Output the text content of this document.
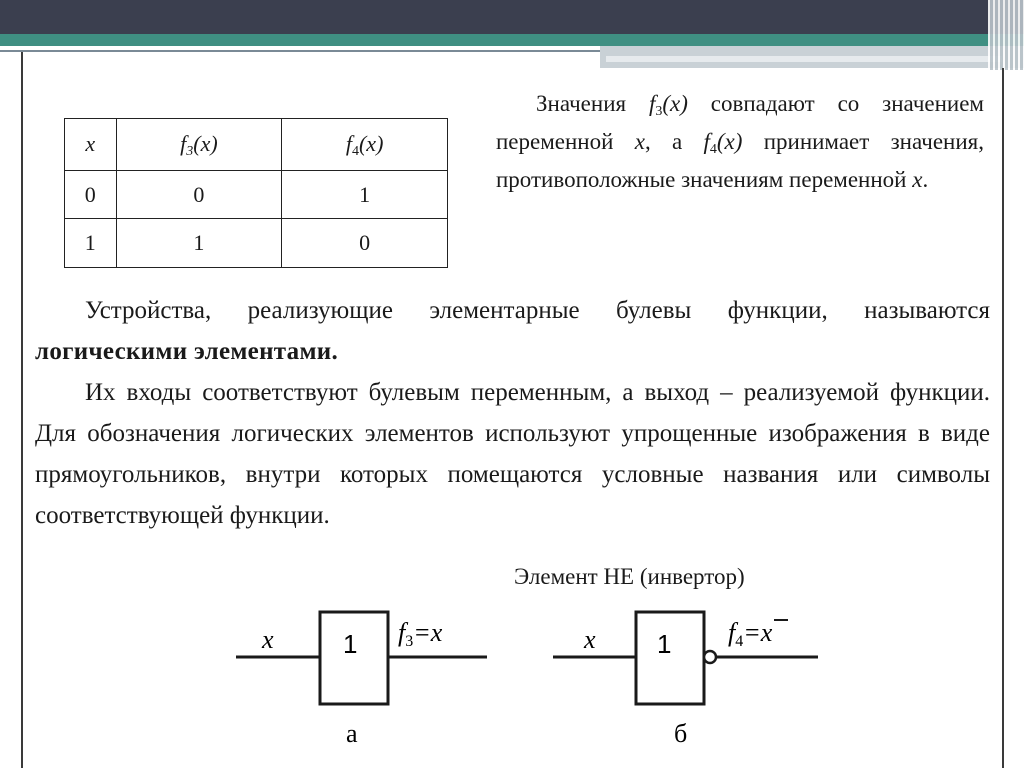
x	$f_3(x)$	$f_4(x)$
0	0	1
1	1	0
Значения $f_3(x)$ совпадают со значением переменной x, а $f_4(x)$ принимает значения, противоположные значениям переменной x.
Устройства, реализующие элементарные булевы функции, называются логическими элементами.
Их входы соответствуют булевым переменным, а выход – реализуемой функции. Для обозначения логических элементов используют упрощенные изображения в виде прямоугольников, внутри которых помещаются условные названия или символы соответствующей функции.
Элемент НЕ (инвертор)
x	1 f3=x
а
x 1 f4=x
б
